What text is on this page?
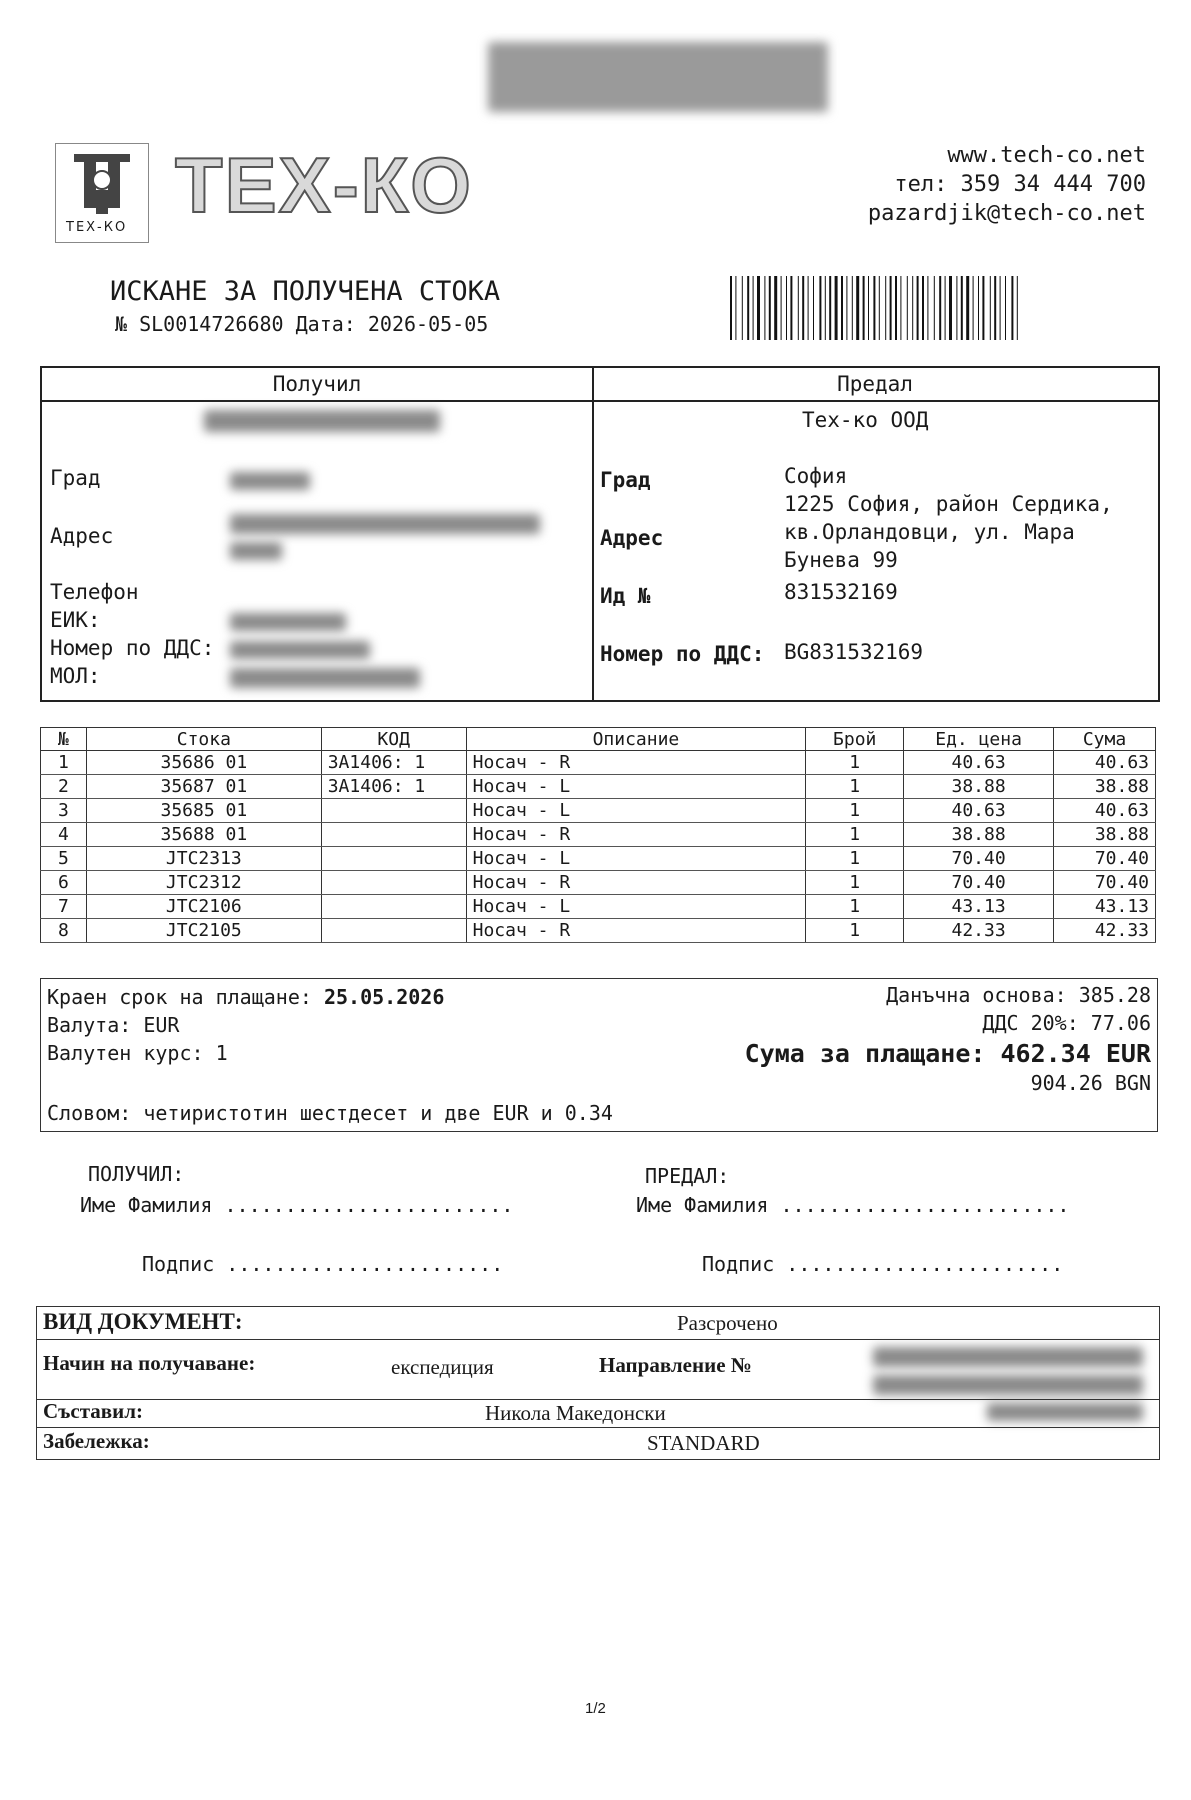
ТЕХ-КО ТЕХ-КО	www.tech-co.net
тел: 359 34 444 700
pazardjik@tech-co.net
ИСКАНЕ ЗА ПОЛУЧЕНА СТОКА
№ SL0014726680 Дата: 2026-05-05
Получил	Предал
Град
Адрес
Телефон
ЕИК:
Номер по ДДС:
МОЛ:
Тех-ко ООД
Град	София
Адрес
1225 София, район Сердика,
кв.Орландовци, ул. Мара
Бунева 99
Ид №	831532169
Номер по ДДС: BG831532169
№	Стока	КОД	Описание	Брой	Ед. цена	Сума
1	35686 01	3А1406: 1	Носач - R	1	40.63	40.63
2	35687 01	3А1406: 1	Носач - L	1	38.88	38.88
3	35685 01		Носач - L	1	40.63	40.63
4	35688 01		Носач - R	1	38.88	38.88
5	JTC2313		Носач - L	1	70.40	70.40
6	JTC2312		Носач - R	1	70.40	70.40
7	JTC2106		Носач - L	1	43.13	43.13
8	JTC2105		Носач - R	1	42.33	42.33
Краен срок на плащане: 25.05.2026
Валута: EUR
Валутен курс: 1
Словом: четиристотин шестдесет и две EUR и 0.34
Данъчна основа: 385.28
ДДС 20%: 77.06
Сума за плащане: 462.34 EUR
904.26 BGN
ПОЛУЧИЛ:
Име Фамилия ........................
Подпис .......................
ПРЕДАЛ:
Име Фамилия ........................
Подпис .......................
ВИД ДОКУМЕНТ:	Разсрочено
Начин на получаване:	експедиция	Направление №
Съставил:	Никола Македонски
Забележка:	STANDARD
1/2
